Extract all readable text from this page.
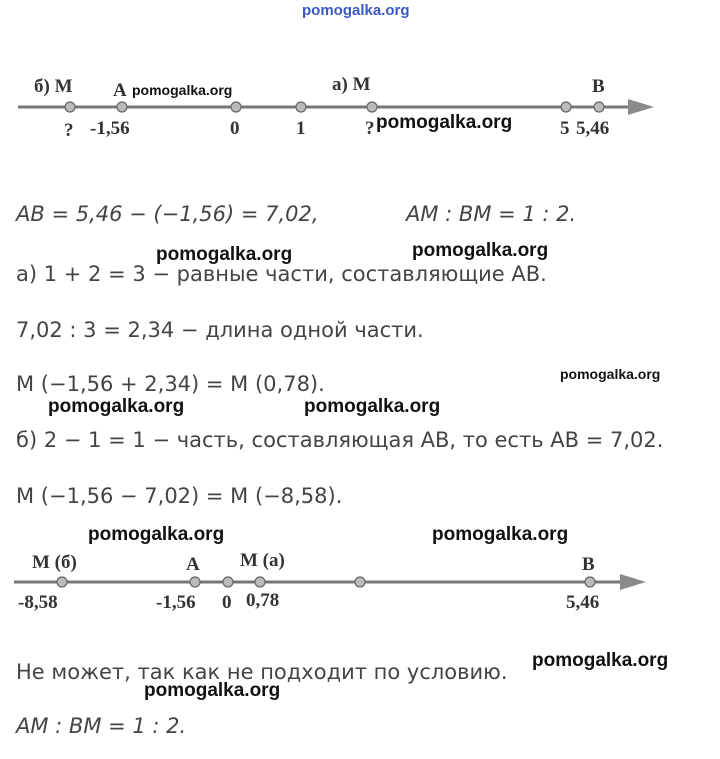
pomogalka.org
б) M A	а) M	B
? -1,56	0	1	?	5 5,46
pomogalka.org
pomogalka.org
AB = 5,46 − (−1,56) = 7,02,	AM : BM = 1 : 2.
pomogalka.org	pomogalka.org
а) 1 + 2 = 3 − равные части, составляющие AB.
7,02 : 3 = 2,34 − длина одной части.
M (−1,56 + 2,34) = M (0,78).	pomogalka.org
pomogalka.org	pomogalka.org
б) 2 − 1 = 1 − часть, составляющая AB, то есть AB = 7,02.
M (−1,56 − 7,02) = M (−8,58).
pomogalka.org	pomogalka.org
M (б)	A M (а)	B
-8,58	-1,56 0 0,78	5,46
Не может, так как не подходит по условию. pomogalka.org
pomogalka.org
AM : BM = 1 : 2.
